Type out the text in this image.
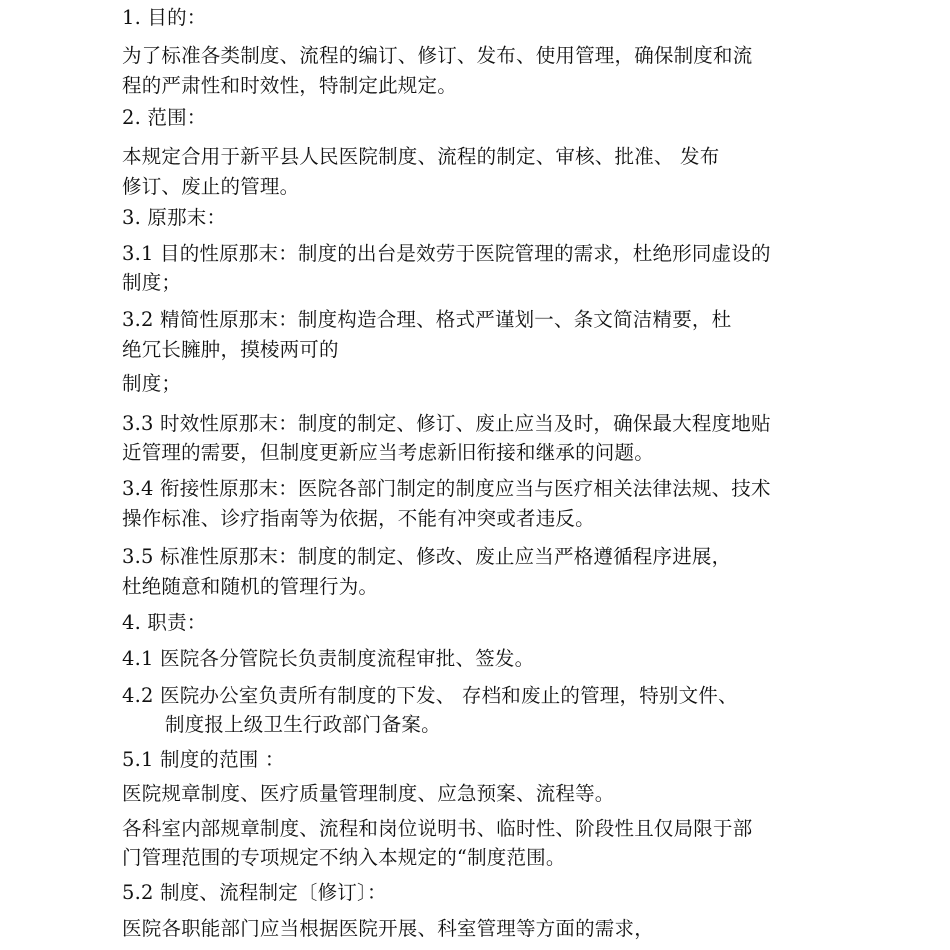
1. 目的：
为了标准各类制度、流程的编订、修订、发布、使用管理，确保制度和流
程的严肃性和时效性，特制定此规定。
2. 范围：
本规定合用于新平县人民医院制度、流程的制定、审核、批准、 发布
修订、废止的管理。
3. 原那末：
3.1 目的性原那末：制度的出台是效劳于医院管理的需求，杜绝形同虚设的
制度；
3.2 精简性原那末：制度构造合理、格式严谨划一、条文简洁精要，杜
绝冗长臃肿，摸棱两可的
制度；
3.3 时效性原那末：制度的制定、修订、废止应当及时，确保最大程度地贴
近管理的需要，但制度更新应当考虑新旧衔接和继承的问题。
3.4 衔接性原那末：医院各部门制定的制度应当与医疗相关法律法规、技术
操作标准、诊疗指南等为依据，不能有冲突或者违反。
3.5 标准性原那末：制度的制定、修改、废止应当严格遵循程序进展，
杜绝随意和随机的管理行为。
4. 职责：
4.1 医院各分管院长负责制度流程审批、签发。
4.2 医院办公室负责所有制度的下发、 存档和废止的管理，特别文件、
制度报上级卫生行政部门备案。
5.1 制度的范围 ：
医院规章制度、医疗质量管理制度、应急预案、流程等。
各科室内部规章制度、流程和岗位说明书、临时性、阶段性且仅局限于部
门管理范围的专项规定不纳入本规定的“制度范围。
5.2 制度、流程制定〔修订〕：
医院各职能部门应当根据医院开展、科室管理等方面的需求，
